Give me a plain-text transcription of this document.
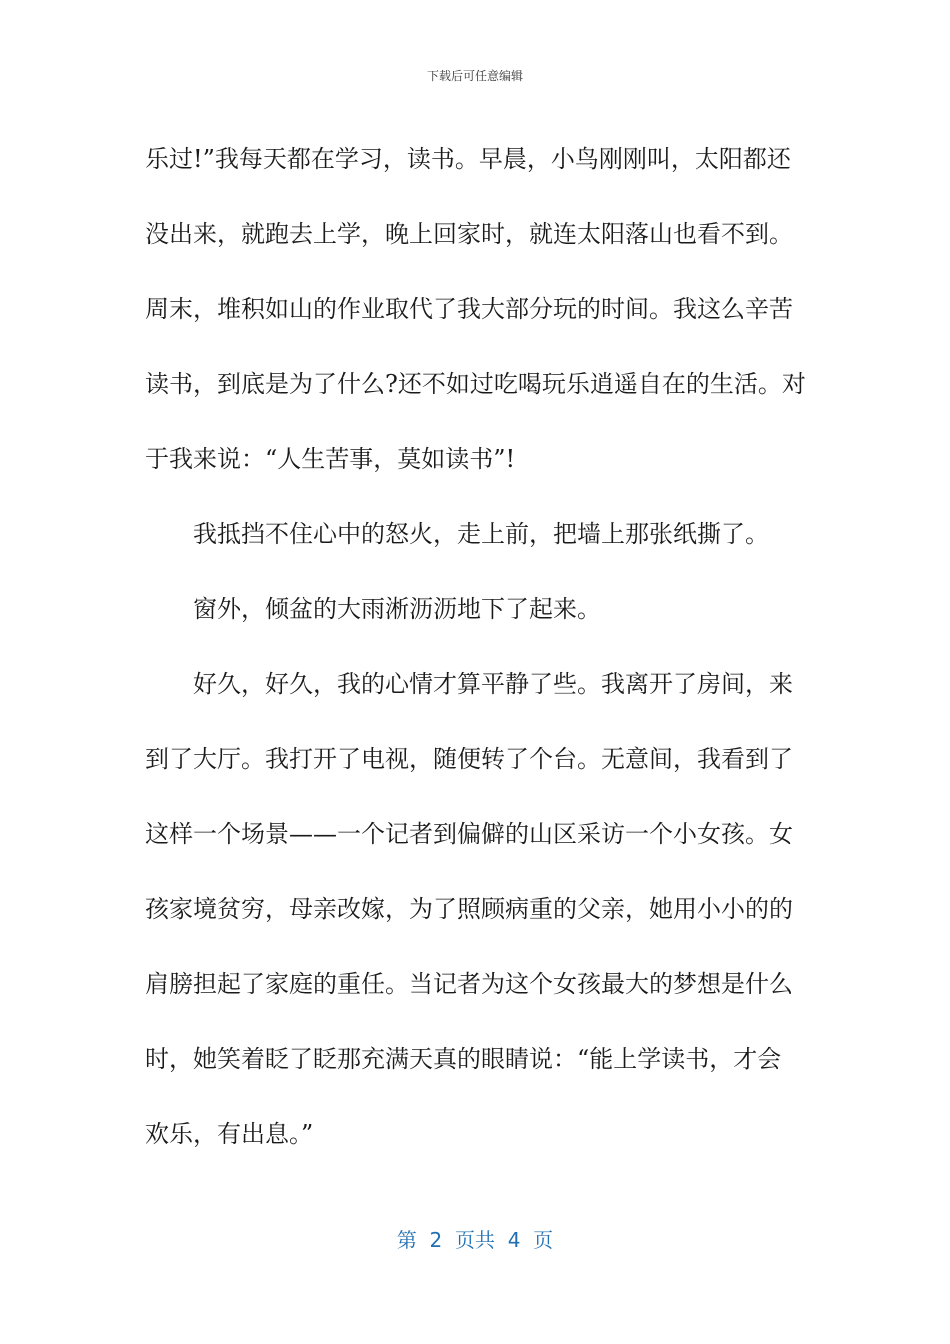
下载后可任意编辑
乐过!”我每天都在学习，读书。早晨，小鸟刚刚叫，太阳都还
没出来，就跑去上学，晚上回家时，就连太阳落山也看不到。
周末，堆积如山的作业取代了我大部分玩的时间。我这么辛苦
读书，到底是为了什么?还不如过吃喝玩乐逍遥自在的生活。对
于我来说：“人生苦事，莫如读书”!
我抵挡不住心中的怒火，走上前，把墙上那张纸撕了。
窗外，倾盆的大雨淅沥沥地下了起来。
好久，好久，我的心情才算平静了些。我离开了房间，来
到了大厅。我打开了电视，随便转了个台。无意间，我看到了
这样一个场景——一个记者到偏僻的山区采访一个小女孩。女
孩家境贫穷，母亲改嫁，为了照顾病重的父亲，她用小小的的
肩膀担起了家庭的重任。当记者为这个女孩最大的梦想是什么
时，她笑着眨了眨那充满天真的眼睛说：“能上学读书，才会
欢乐，有出息。”
第  2  页共  4  页
